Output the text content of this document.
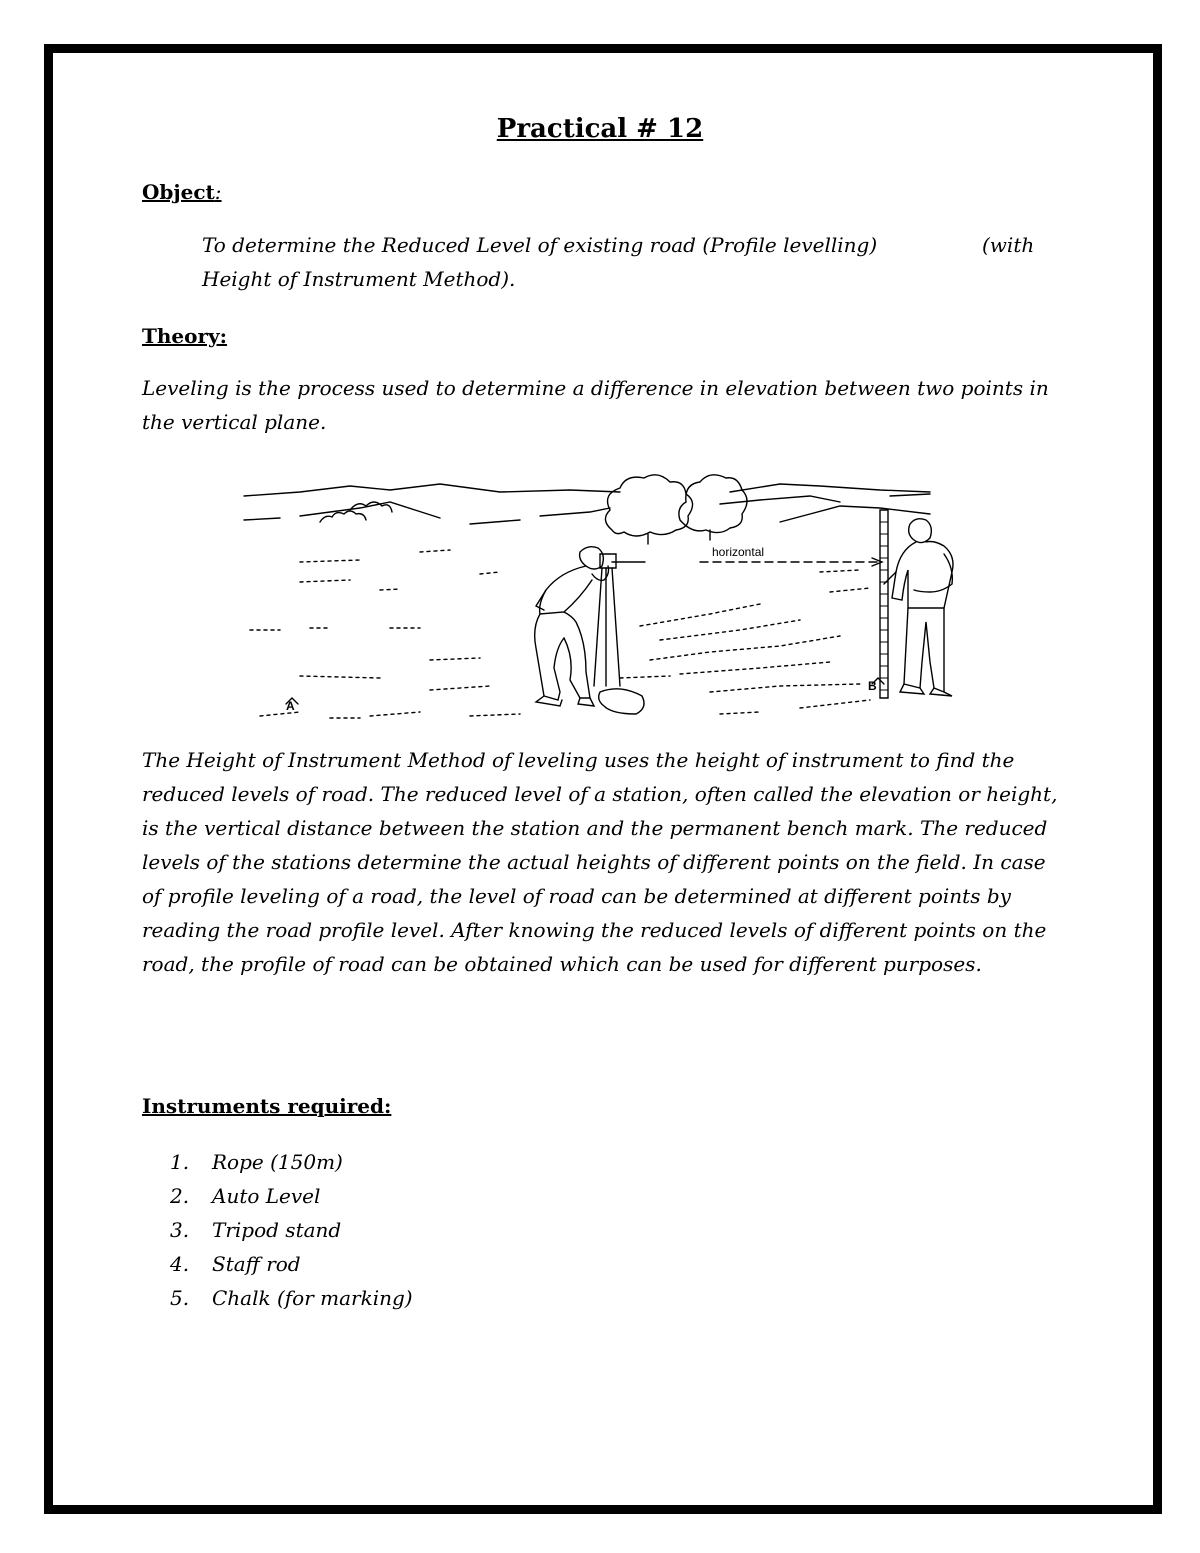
Practical # 12
Object:
To determine the Reduced Level of existing road (Profile levelling)	(with
Height of Instrument Method).
Theory:

Leveling is the process used to determine a difference in elevation between two points in the vertical plane.

horizontal
A
B

The Height of Instrument Method of leveling uses the height of instrument to find the reduced levels of road. The reduced level of a station, often called the elevation or height, is the vertical distance between the station and the permanent bench mark. The reduced levels of the stations determine the actual heights of different points on the field. In case of profile leveling of a road, the level of road can be determined at different points by reading the road profile level. After knowing the reduced levels of different points on the road, the profile of road can be obtained which can be used for different purposes.

Instruments required:
1.	Rope (150m)
2.	Auto Level
3.	Tripod stand
4.	Staff rod
5.	Chalk (for marking)
